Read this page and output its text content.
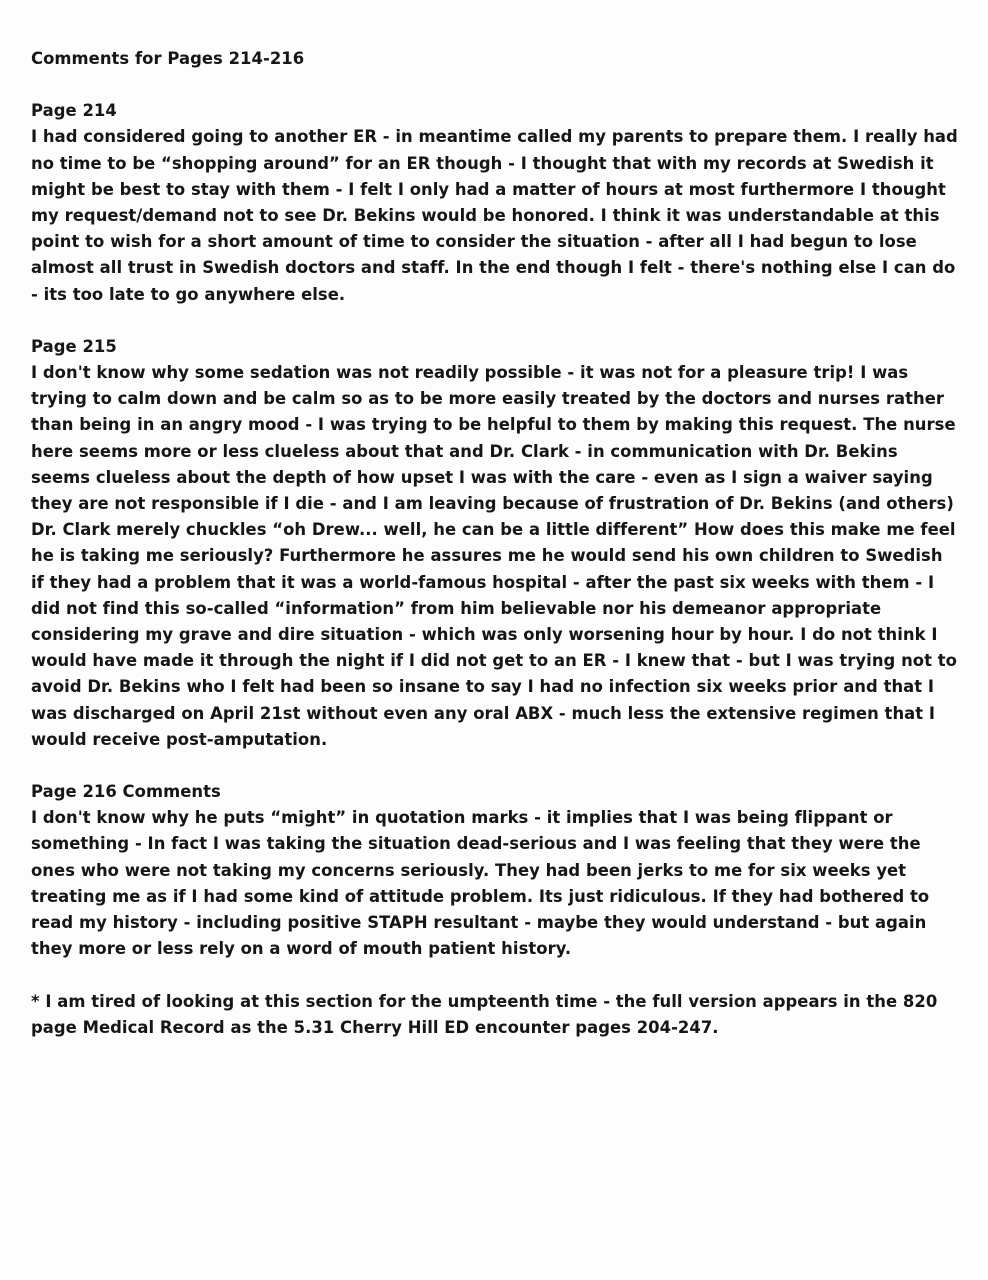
Comments for Pages 214-216

Page 214

I had considered going to another ER - in meantime called my parents to prepare them. I really had no time to be “shopping around” for an ER though - I thought that with my records at Swedish it might be best to stay with them - I felt I only had a matter of hours at most furthermore I thought my request/demand not to see Dr. Bekins would be honored. I think it was understandable at this point to wish for a short amount of time to consider the situation - after all I had begun to lose almost all trust in Swedish doctors and staff. In the end though I felt - there's nothing else I can do - its too late to go anywhere else.

Page 215

I don't know why some sedation was not readily possible - it was not for a pleasure trip! I was trying to calm down and be calm so as to be more easily treated by the doctors and nurses rather than being in an angry mood - I was trying to be helpful to them by making this request. The nurse here seems more or less clueless about that and Dr. Clark - in communication with Dr. Bekins seems clueless about the depth of how upset I was with the care - even as I sign a waiver saying they are not responsible if I die - and I am leaving because of frustration of Dr. Bekins (and others) Dr. Clark merely chuckles “oh Drew... well, he can be a little different” How does this make me feel he is taking me seriously? Furthermore he assures me he would send his own children to Swedish if they had a problem that it was a world-famous hospital - after the past six weeks with them - I did not find this so-called “information” from him believable nor his demeanor appropriate considering my grave and dire situation - which was only worsening hour by hour. I do not think I would have made it through the night if I did not get to an ER - I knew that - but I was trying not to avoid Dr. Bekins who I felt had been so insane to say I had no infection six weeks prior and that I was discharged on April 21st without even any oral ABX - much less the extensive regimen that I would receive post-amputation.

Page 216 Comments

I don't know why he puts “might” in quotation marks - it implies that I was being flippant or something - In fact I was taking the situation dead-serious and I was feeling that they were the ones who were not taking my concerns seriously. They had been jerks to me for six weeks yet treating me as if I had some kind of attitude problem. Its just ridiculous. If they had bothered to read my history - including positive STAPH resultant - maybe they would understand - but again they more or less rely on a word of mouth patient history.

* I am tired of looking at this section for the umpteenth time - the full version appears in the 820 page Medical Record as the 5.31 Cherry Hill ED encounter pages 204-247.
